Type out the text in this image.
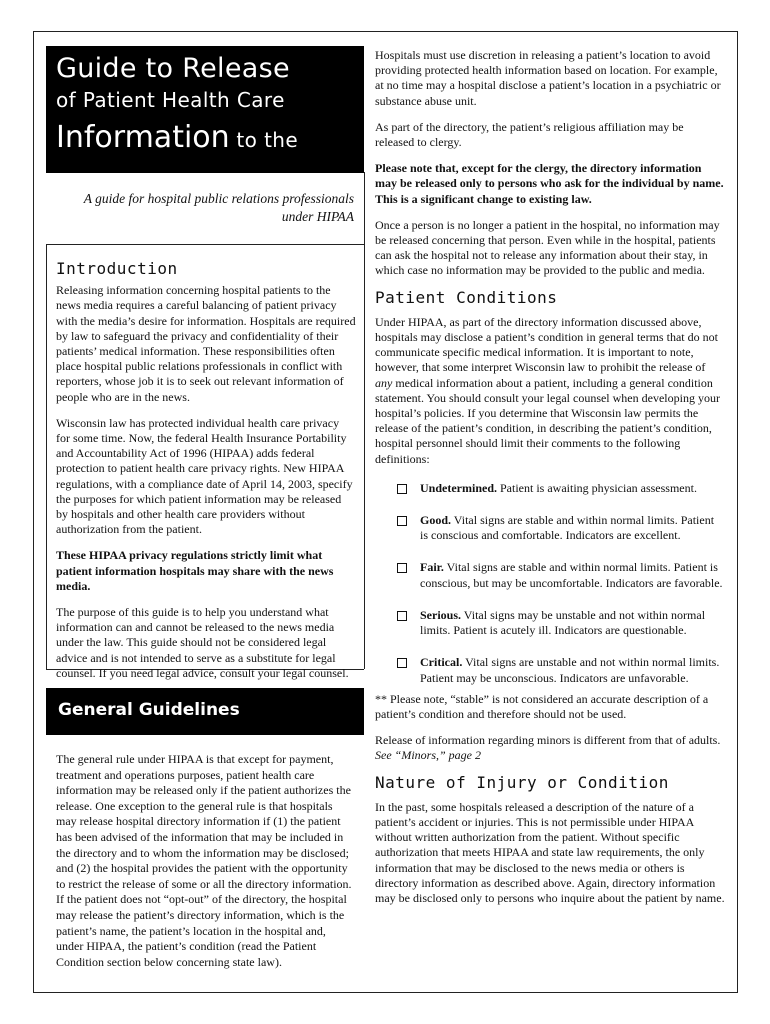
Guide to Release
of Patient Health Care
Information to the Media
A guide for hospital public relations professionals under HIPAA
Introduction

Releasing information concerning hospital patients to the news media requires a careful balancing of patient privacy with the media’s desire for information. Hospitals are required by law to safeguard the privacy and confidentiality of their patients’ medical information. These responsibilities often place hospital public relations professionals in conflict with reporters, whose job it is to seek out relevant information of people who are in the news.

Wisconsin law has protected individual health care privacy for some time. Now, the federal Health Insurance Portability and Accountability Act of 1996 (HIPAA) adds federal protection to patient health care privacy rights. New HIPAA regulations, with a compliance date of April 14, 2003, specify the purposes for which patient information may be released by hospitals and other health care providers without authorization from the patient.

These HIPAA privacy regulations strictly limit what patient information hospitals may share with the news media.

The purpose of this guide is to help you understand what information can and cannot be released to the news media under the law. This guide should not be considered legal advice and is not intended to serve as a substitute for legal counsel. If you need legal advice, consult your legal counsel.

General Guidelines

The general rule under HIPAA is that except for payment, treatment and operations purposes, patient health care information may be released only if the patient authorizes the release. One exception to the general rule is that hospitals may release hospital directory information if (1) the patient has been advised of the information that may be included in the directory and to whom the information may be disclosed; and (2) the hospital provides the patient with the opportunity to restrict the release of some or all the directory information. If the patient does not “opt-out” of the directory, the hospital may release the patient’s directory information, which is the patient’s name, the patient’s location in the hospital and, under HIPAA, the patient’s condition (read the Patient Condition section below concerning state law).

Hospitals must use discretion in releasing a patient’s location to avoid providing protected health information based on location. For example, at no time may a hospital disclose a patient’s location in a psychiatric or substance abuse unit.

As part of the directory, the patient’s religious affiliation may be released to clergy.

Please note that, except for the clergy, the directory information may be released only to persons who ask for the individual by name. This is a significant change to existing law.

Once a person is no longer a patient in the hospital, no information may be released concerning that person. Even while in the hospital, patients can ask the hospital not to release any information about their stay, in which case no information may be provided to the public and media.

Patient Conditions

Under HIPAA, as part of the directory information discussed above, hospitals may disclose a patient’s condition in general terms that do not communicate specific medical information. It is important to note, however, that some interpret Wisconsin law to prohibit the release of any medical information about a patient, including a general condition statement. You should consult your legal counsel when developing your hospital’s policies. If you determine that Wisconsin law permits the release of the patient’s condition, in describing the patient’s condition, hospital personnel should limit their comments to the following definitions:

Undetermined. Patient is awaiting physician assessment.
Good. Vital signs are stable and within normal limits. Patient is conscious and comfortable. Indicators are excellent.
Fair. Vital signs are stable and within normal limits. Patient is conscious, but may be uncomfortable. Indicators are favorable.
Serious. Vital signs may be unstable and not within normal limits. Patient is acutely ill. Indicators are questionable.
Critical. Vital signs are unstable and not within normal limits. Patient may be unconscious. Indicators are unfavorable.

** Please note, “stable” is not considered an accurate description of a patient’s condition and therefore should not be used.

Release of information regarding minors is different from that of adults. See “Minors,” page 2

Nature of Injury or Condition

In the past, some hospitals released a description of the nature of a patient’s accident or injuries. This is not permissible under HIPAA without written authorization from the patient. Without specific authorization that meets HIPAA and state law requirements, the only information that may be disclosed to the news media or others is directory information as described above. Again, directory information may be disclosed only to persons who inquire about the patient by name.
